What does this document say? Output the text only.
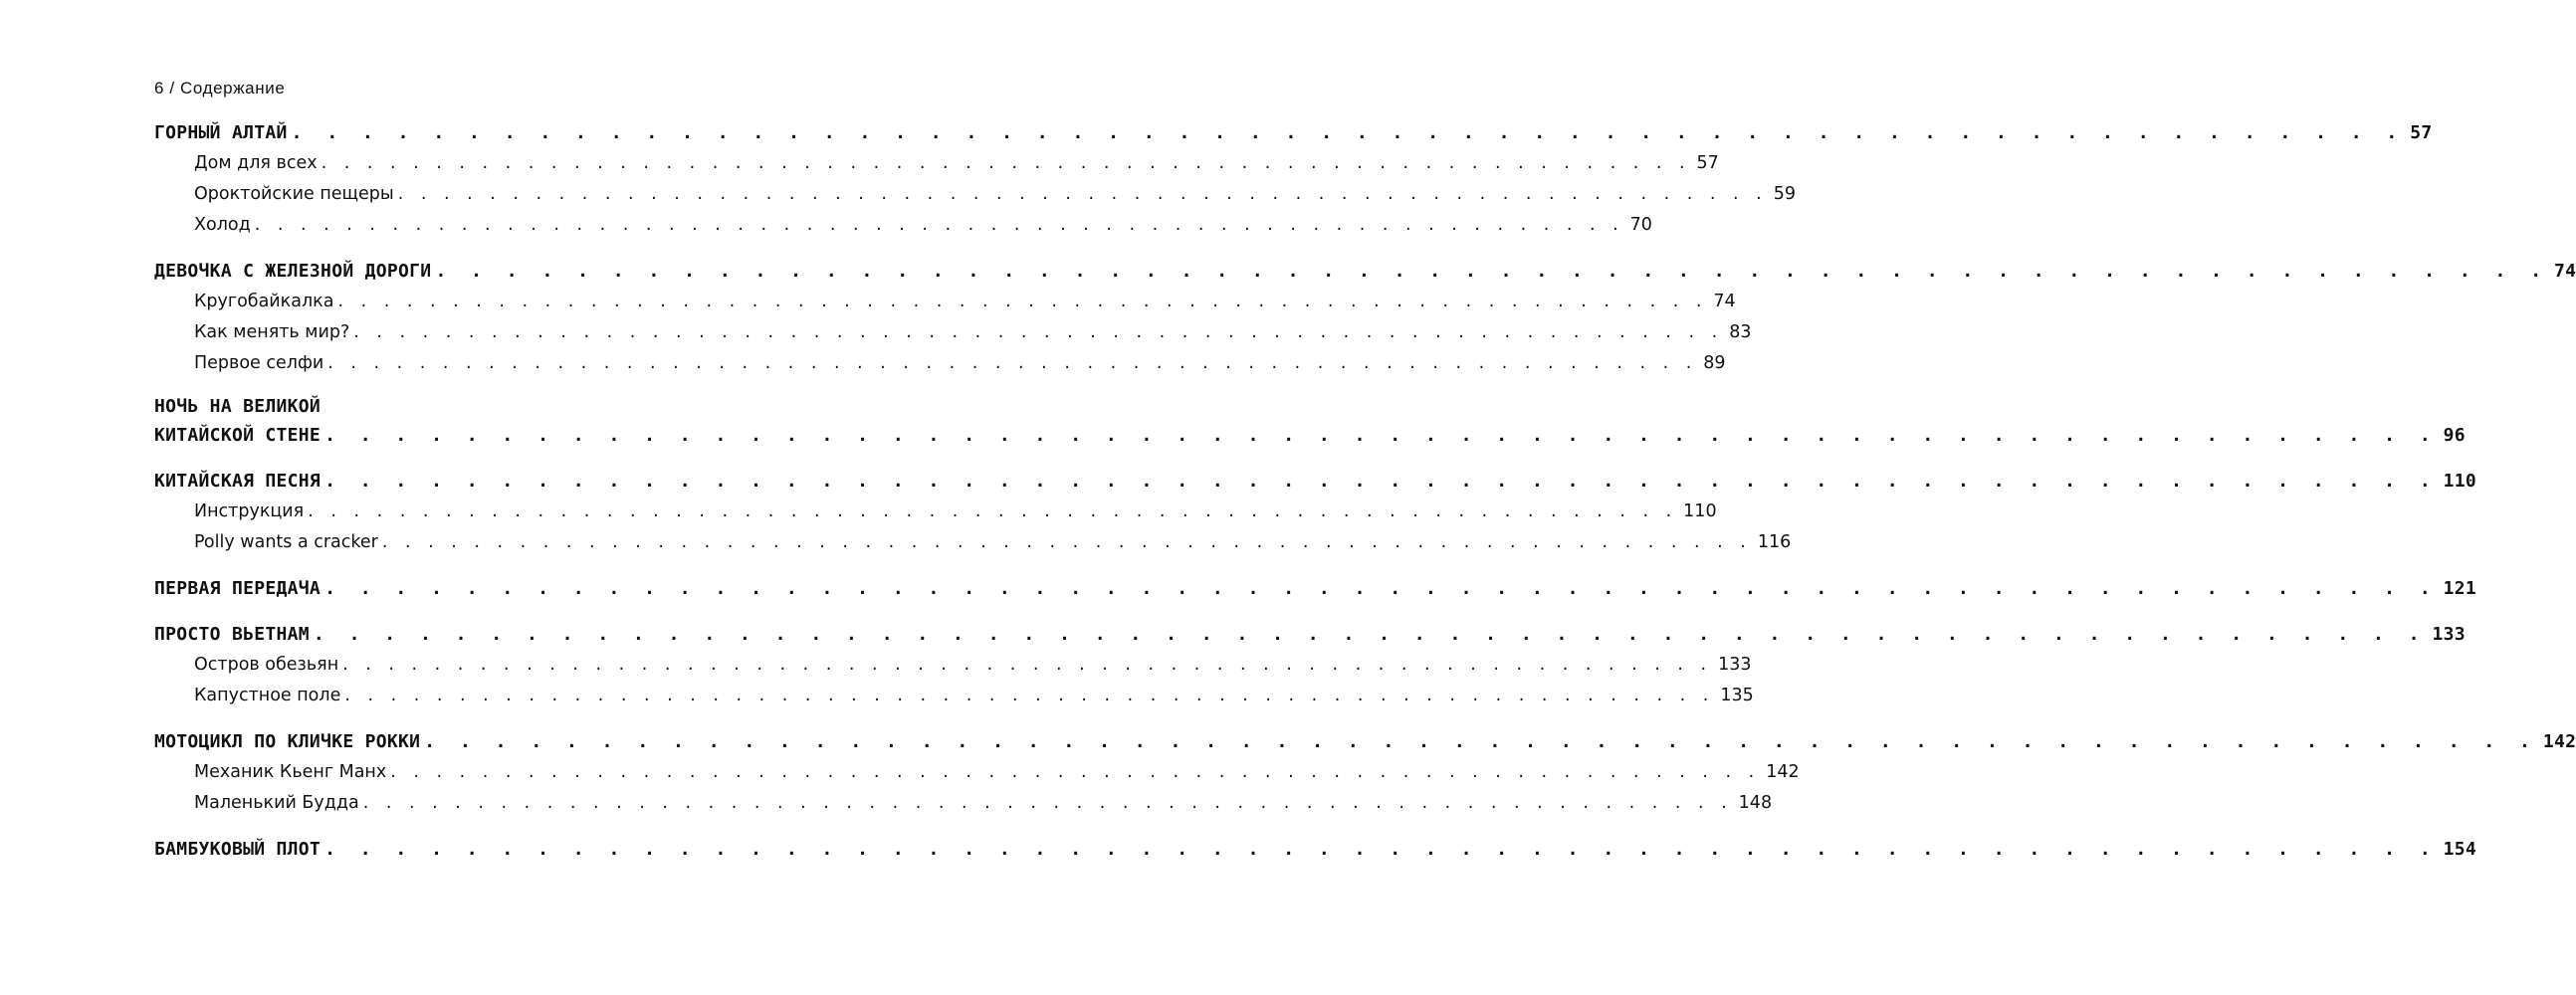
6 / Содержание
ГОРНЫЙ АЛТАЙ . . . . . . . . . . . . . . . . . . . . . . . . . . . . . . . . . . . . . . . . . . . . . . . . . . . . . . . . . . . . 57
Дом для всех . . . . . . . . . . . . . . . . . . . . . . . . . . . . . . . . . . . . . . . . . . . . . . . . . . . . . . . . . . . . 57
Ороктойские пещеры . . . . . . . . . . . . . . . . . . . . . . . . . . . . . . . . . . . . . . . . . . . . . . . . . . . . . . . . . . . . 59
Холод . . . . . . . . . . . . . . . . . . . . . . . . . . . . . . . . . . . . . . . . . . . . . . . . . . . . . . . . . . . . 70
ДЕВОЧКА С ЖЕЛЕЗНОЙ ДОРОГИ . . . . . . . . . . . . . . . . . . . . . . . . . . . . . . . . . . . . . . . . . . . . . . . . . . . . . . . . . . . . 74
Кругобайкалка . . . . . . . . . . . . . . . . . . . . . . . . . . . . . . . . . . . . . . . . . . . . . . . . . . . . . . . . . . . . 74
Как менять мир? . . . . . . . . . . . . . . . . . . . . . . . . . . . . . . . . . . . . . . . . . . . . . . . . . . . . . . . . . . . . 83
Первое селфи . . . . . . . . . . . . . . . . . . . . . . . . . . . . . . . . . . . . . . . . . . . . . . . . . . . . . . . . . . . . 89
НОЧЬ НА ВЕЛИКОЙ
КИТАЙСКОЙ СТЕНЕ . . . . . . . . . . . . . . . . . . . . . . . . . . . . . . . . . . . . . . . . . . . . . . . . . . . . . . . . . . . . 96
КИТАЙСКАЯ ПЕСНЯ . . . . . . . . . . . . . . . . . . . . . . . . . . . . . . . . . . . . . . . . . . . . . . . . . . . . . . . . . . . . 110
Инструкция . . . . . . . . . . . . . . . . . . . . . . . . . . . . . . . . . . . . . . . . . . . . . . . . . . . . . . . . . . . . 110
Polly wants a cracker . . . . . . . . . . . . . . . . . . . . . . . . . . . . . . . . . . . . . . . . . . . . . . . . . . . . . . . . . . . . 116
ПЕРВАЯ ПЕРЕДАЧА . . . . . . . . . . . . . . . . . . . . . . . . . . . . . . . . . . . . . . . . . . . . . . . . . . . . . . . . . . . . 121
ПРОСТО ВЬЕТНАМ . . . . . . . . . . . . . . . . . . . . . . . . . . . . . . . . . . . . . . . . . . . . . . . . . . . . . . . . . . . . 133
Остров обезьян . . . . . . . . . . . . . . . . . . . . . . . . . . . . . . . . . . . . . . . . . . . . . . . . . . . . . . . . . . . . 133
Капустное поле . . . . . . . . . . . . . . . . . . . . . . . . . . . . . . . . . . . . . . . . . . . . . . . . . . . . . . . . . . . . 135
МОТОЦИКЛ ПО КЛИЧКЕ РОККИ . . . . . . . . . . . . . . . . . . . . . . . . . . . . . . . . . . . . . . . . . . . . . . . . . . . . . . . . . . . . 142
Механик Кьенг Манх . . . . . . . . . . . . . . . . . . . . . . . . . . . . . . . . . . . . . . . . . . . . . . . . . . . . . . . . . . . . 142
Маленький Будда . . . . . . . . . . . . . . . . . . . . . . . . . . . . . . . . . . . . . . . . . . . . . . . . . . . . . . . . . . . . 148
БАМБУКОВЫЙ ПЛОТ . . . . . . . . . . . . . . . . . . . . . . . . . . . . . . . . . . . . . . . . . . . . . . . . . . . . . . . . . . . . 154
